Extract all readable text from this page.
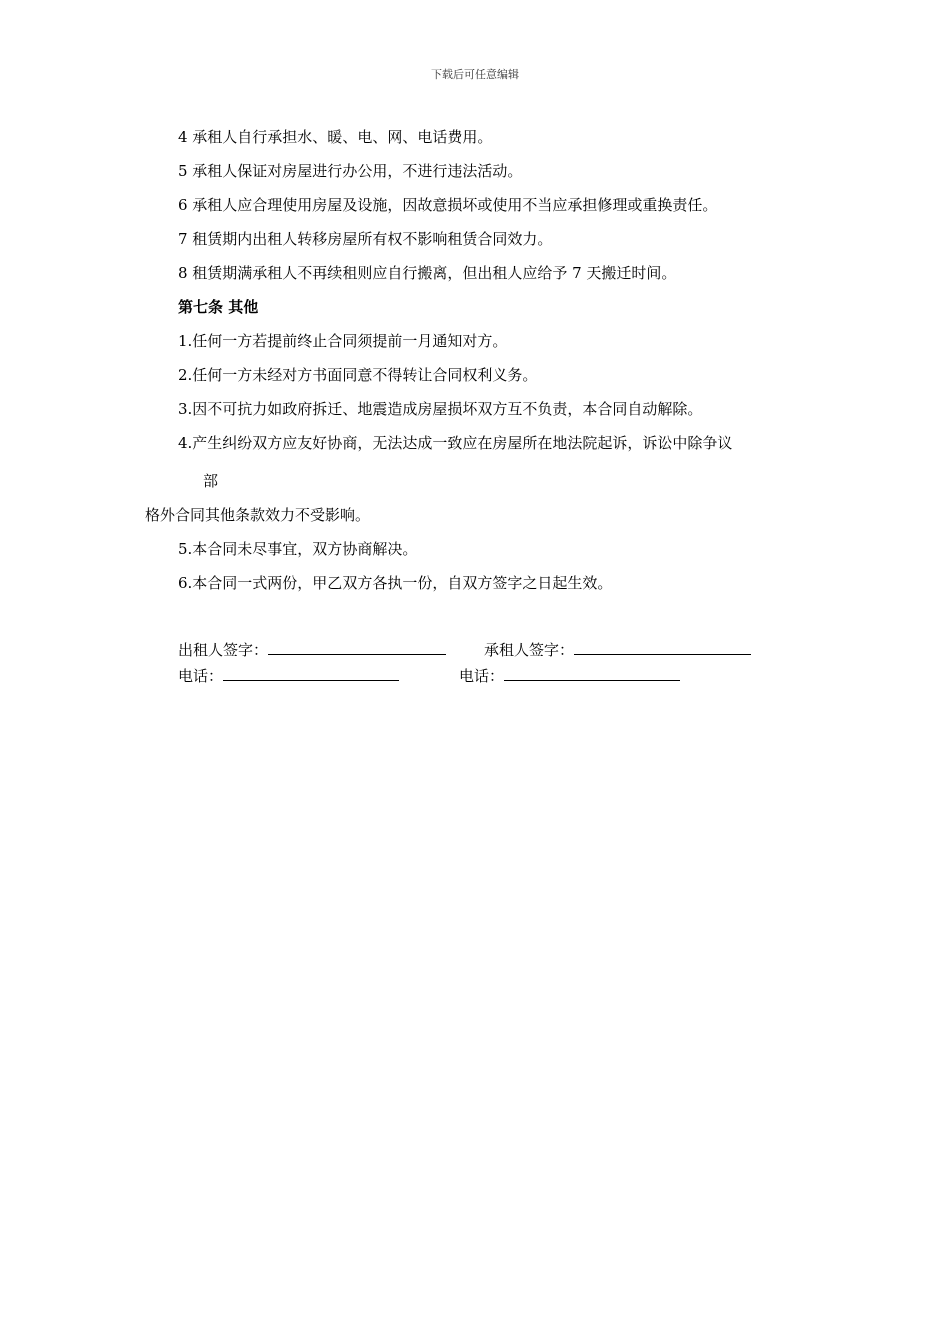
下载后可任意编辑
4 承租人自行承担水、暖、电、网、电话费用。
5 承租人保证对房屋进行办公用，不进行违法活动。
6 承租人应合理使用房屋及设施，因故意损坏或使用不当应承担修理或重换责任。
7 租赁期内出租人转移房屋所有权不影响租赁合同效力。
8 租赁期满承租人不再续租则应自行搬离，但出租人应给予 7 天搬迁时间。
第七条 其他
1.任何一方若提前终止合同须提前一月通知对方。
2.任何一方未经对方书面同意不得转让合同权利义务。
3.因不可抗力如政府拆迁、地震造成房屋损坏双方互不负责，本合同自动解除。
4.产生纠纷双方应友好协商，无法达成一致应在房屋所在地法院起诉，诉讼中除争议
部
格外合同其他条款效力不受影响。
5.本合同未尽事宜，双方协商解决。
6.本合同一式两份，甲乙双方各执一份，自双方签字之日起生效。
出租人签字：	承租人签字：
电话：	电话：
